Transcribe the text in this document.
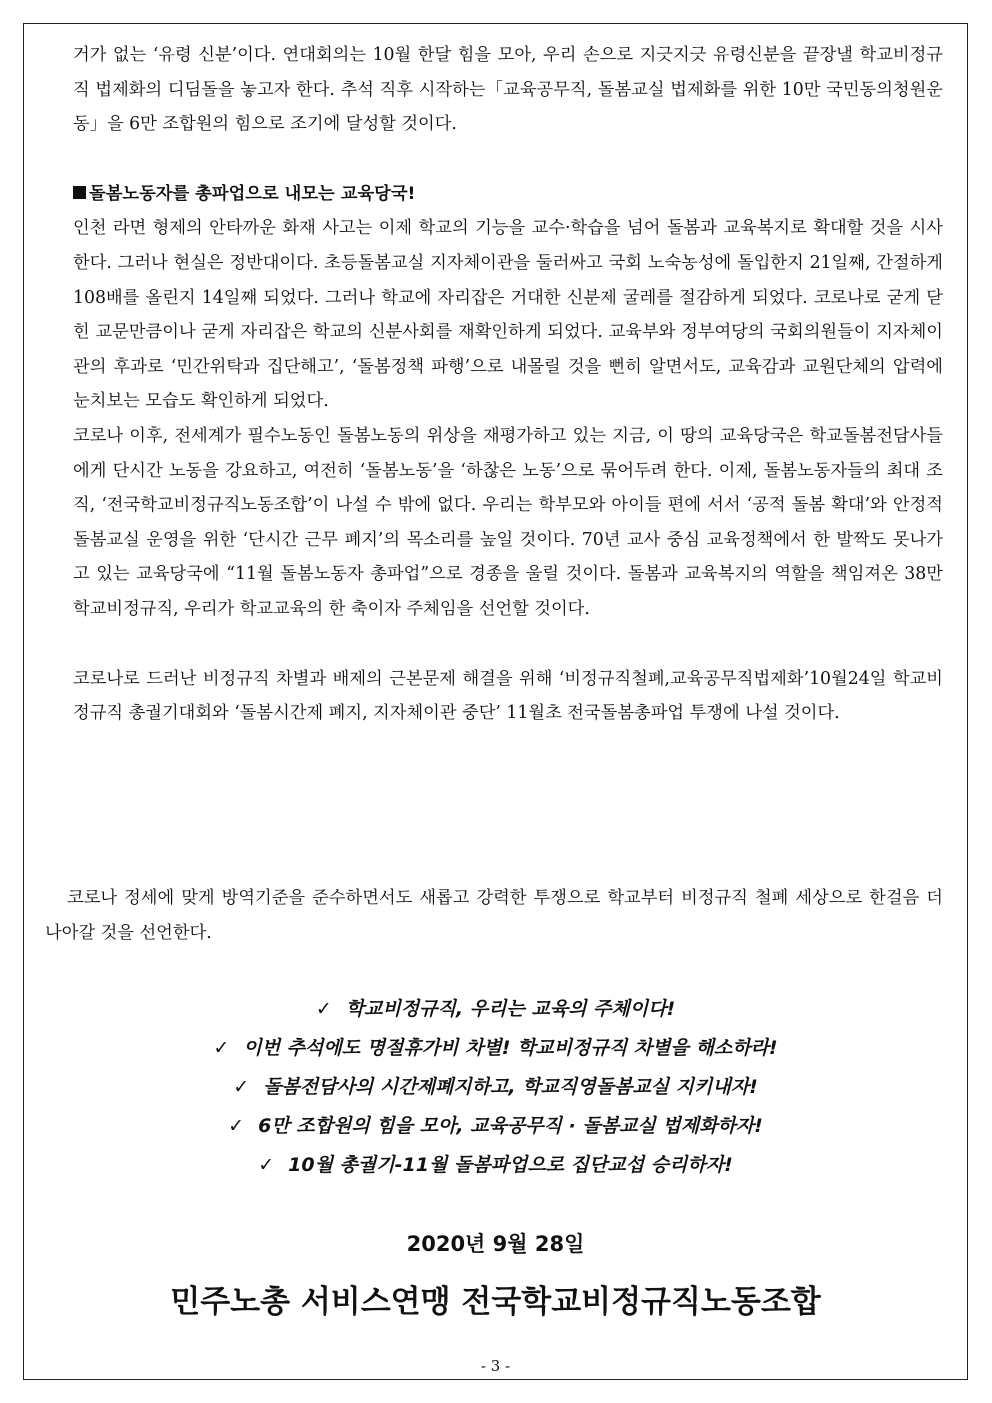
거가 없는 ‘유령 신분’이다. 연대회의는 10월 한달 힘을 모아, 우리 손으로 지긋지긋 유령신분을 끝장낼 학교비정규직 법제화의 디딤돌을 놓고자 한다. 추석 직후 시작하는「교육공무직, 돌봄교실 법제화를 위한 10만 국민동의청원운동」을 6만 조합원의 힘으로 조기에 달성할 것이다.

돌봄노동자를 총파업으로 내모는 교육당국!

인천 라면 형제의 안타까운 화재 사고는 이제 학교의 기능을 교수·학습을 넘어 돌봄과 교육복지로 확대할 것을 시사한다. 그러나 현실은 정반대이다. 초등돌봄교실 지자체이관을 둘러싸고 국회 노숙농성에 돌입한지 21일째, 간절하게 108배를 올린지 14일째 되었다. 그러나 학교에 자리잡은 거대한 신분제 굴레를 절감하게 되었다. 코로나로 굳게 닫힌 교문만큼이나 굳게 자리잡은 학교의 신분사회를 재확인하게 되었다. 교육부와 정부여당의 국회의원들이 지자체이관의 후과로 ‘민간위탁과 집단해고’, ‘돌봄정책 파행’으로 내몰릴 것을 뻔히 알면서도, 교육감과 교원단체의 압력에 눈치보는 모습도 확인하게 되었다.

코로나 이후, 전세계가 필수노동인 돌봄노동의 위상을 재평가하고 있는 지금, 이 땅의 교육당국은 학교돌봄전담사들에게 단시간 노동을 강요하고, 여전히 ‘돌봄노동’을 ‘하찮은 노동’으로 묶어두려 한다. 이제, 돌봄노동자들의 최대 조직, ‘전국학교비정규직노동조합’이 나설 수 밖에 없다. 우리는 학부모와 아이들 편에 서서 ‘공적 돌봄 확대’와 안정적 돌봄교실 운영을 위한 ‘단시간 근무 폐지’의 목소리를 높일 것이다. 70년 교사 중심 교육정책에서 한 발짝도 못나가고 있는 교육당국에 “11월 돌봄노동자 총파업”으로 경종을 울릴 것이다. 돌봄과 교육복지의 역할을 책임져온 38만 학교비정규직, 우리가 학교교육의 한 축이자 주체임을 선언할 것이다.

코로나로 드러난 비정규직 차별과 배제의 근본문제 해결을 위해 ‘비정규직철폐,교육공무직법제화’10월24일 학교비정규직 총궐기대회와 ‘돌봄시간제 폐지, 지자체이관 중단’ 11월초 전국돌봄총파업 투쟁에 나설 것이다.

코로나 정세에 맞게 방역기준을 준수하면서도 새롭고 강력한 투쟁으로 학교부터 비정규직 철폐 세상으로 한걸음 더 나아갈 것을 선언한다.

✓ 학교비정규직, 우리는 교육의 주체이다!
✓ 이번 추석에도 명절휴가비 차별! 학교비정규직 차별을 해소하라!
✓ 돌봄전담사의 시간제폐지하고, 학교직영돌봄교실 지키내자!
✓ 6만 조합원의 힘을 모아, 교육공무직 · 돌봄교실 법제화하자!
✓ 10월 총궐기-11월 돌봄파업으로 집단교섭 승리하자!
2020년 9월 28일
민주노총 서비스연맹 전국학교비정규직노동조합
- 3 -
